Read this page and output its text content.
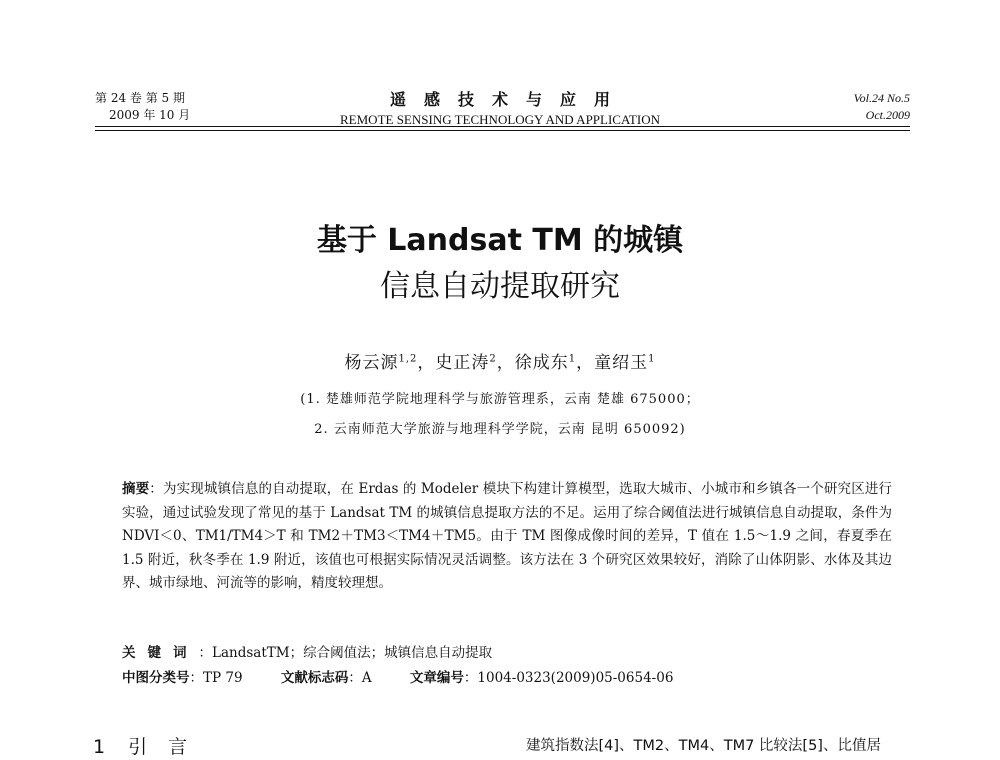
第 24 卷 第 5 期
2009 年 10 月
遥感技术与应用
REMOTE SENSING TECHNOLOGY AND APPLICATION
Vol.24 No.5
Oct.2009
基于 Landsat TM 的城镇
信息自动提取研究
杨云源$^{1,2}$，史正涛$^2$，徐成东$^1$，童绍玉$^1$
(1. 楚雄师范学院地理科学与旅游管理系，云南 楚雄 675000；
2. 云南师范大学旅游与地理科学学院，云南 昆明 650092)
摘要：为实现城镇信息的自动提取，在 Erdas 的 Modeler 模块下构建计算模型，选取大城市、小城市和乡镇各一个研究区进行实验，通过试验发现了常见的基于 Landsat TM 的城镇信息提取方法的不足。运用了综合阈值法进行城镇信息自动提取，条件为 NDVI＜0、TM1/TM4＞T 和 TM2＋TM3＜TM4＋TM5。由于 TM 图像成像时间的差异，T 值在 1.5～1.9 之间，春夏季在 1.5 附近，秋冬季在 1.9 附近，该值也可根据实际情况灵活调整。该方法在 3 个研究区效果较好，消除了山体阴影、水体及其边界、城市绿地、河流等的影响，精度较理想。
关键词：LandsatTM；综合阈值法；城镇信息自动提取
中图分类号：TP 79	文献标志码：A	文章编号：1004-0323(2009)05-0654-06
1 引　言	建筑指数法[4]、TM2、TM4、TM7 比较法[5]、比值居
